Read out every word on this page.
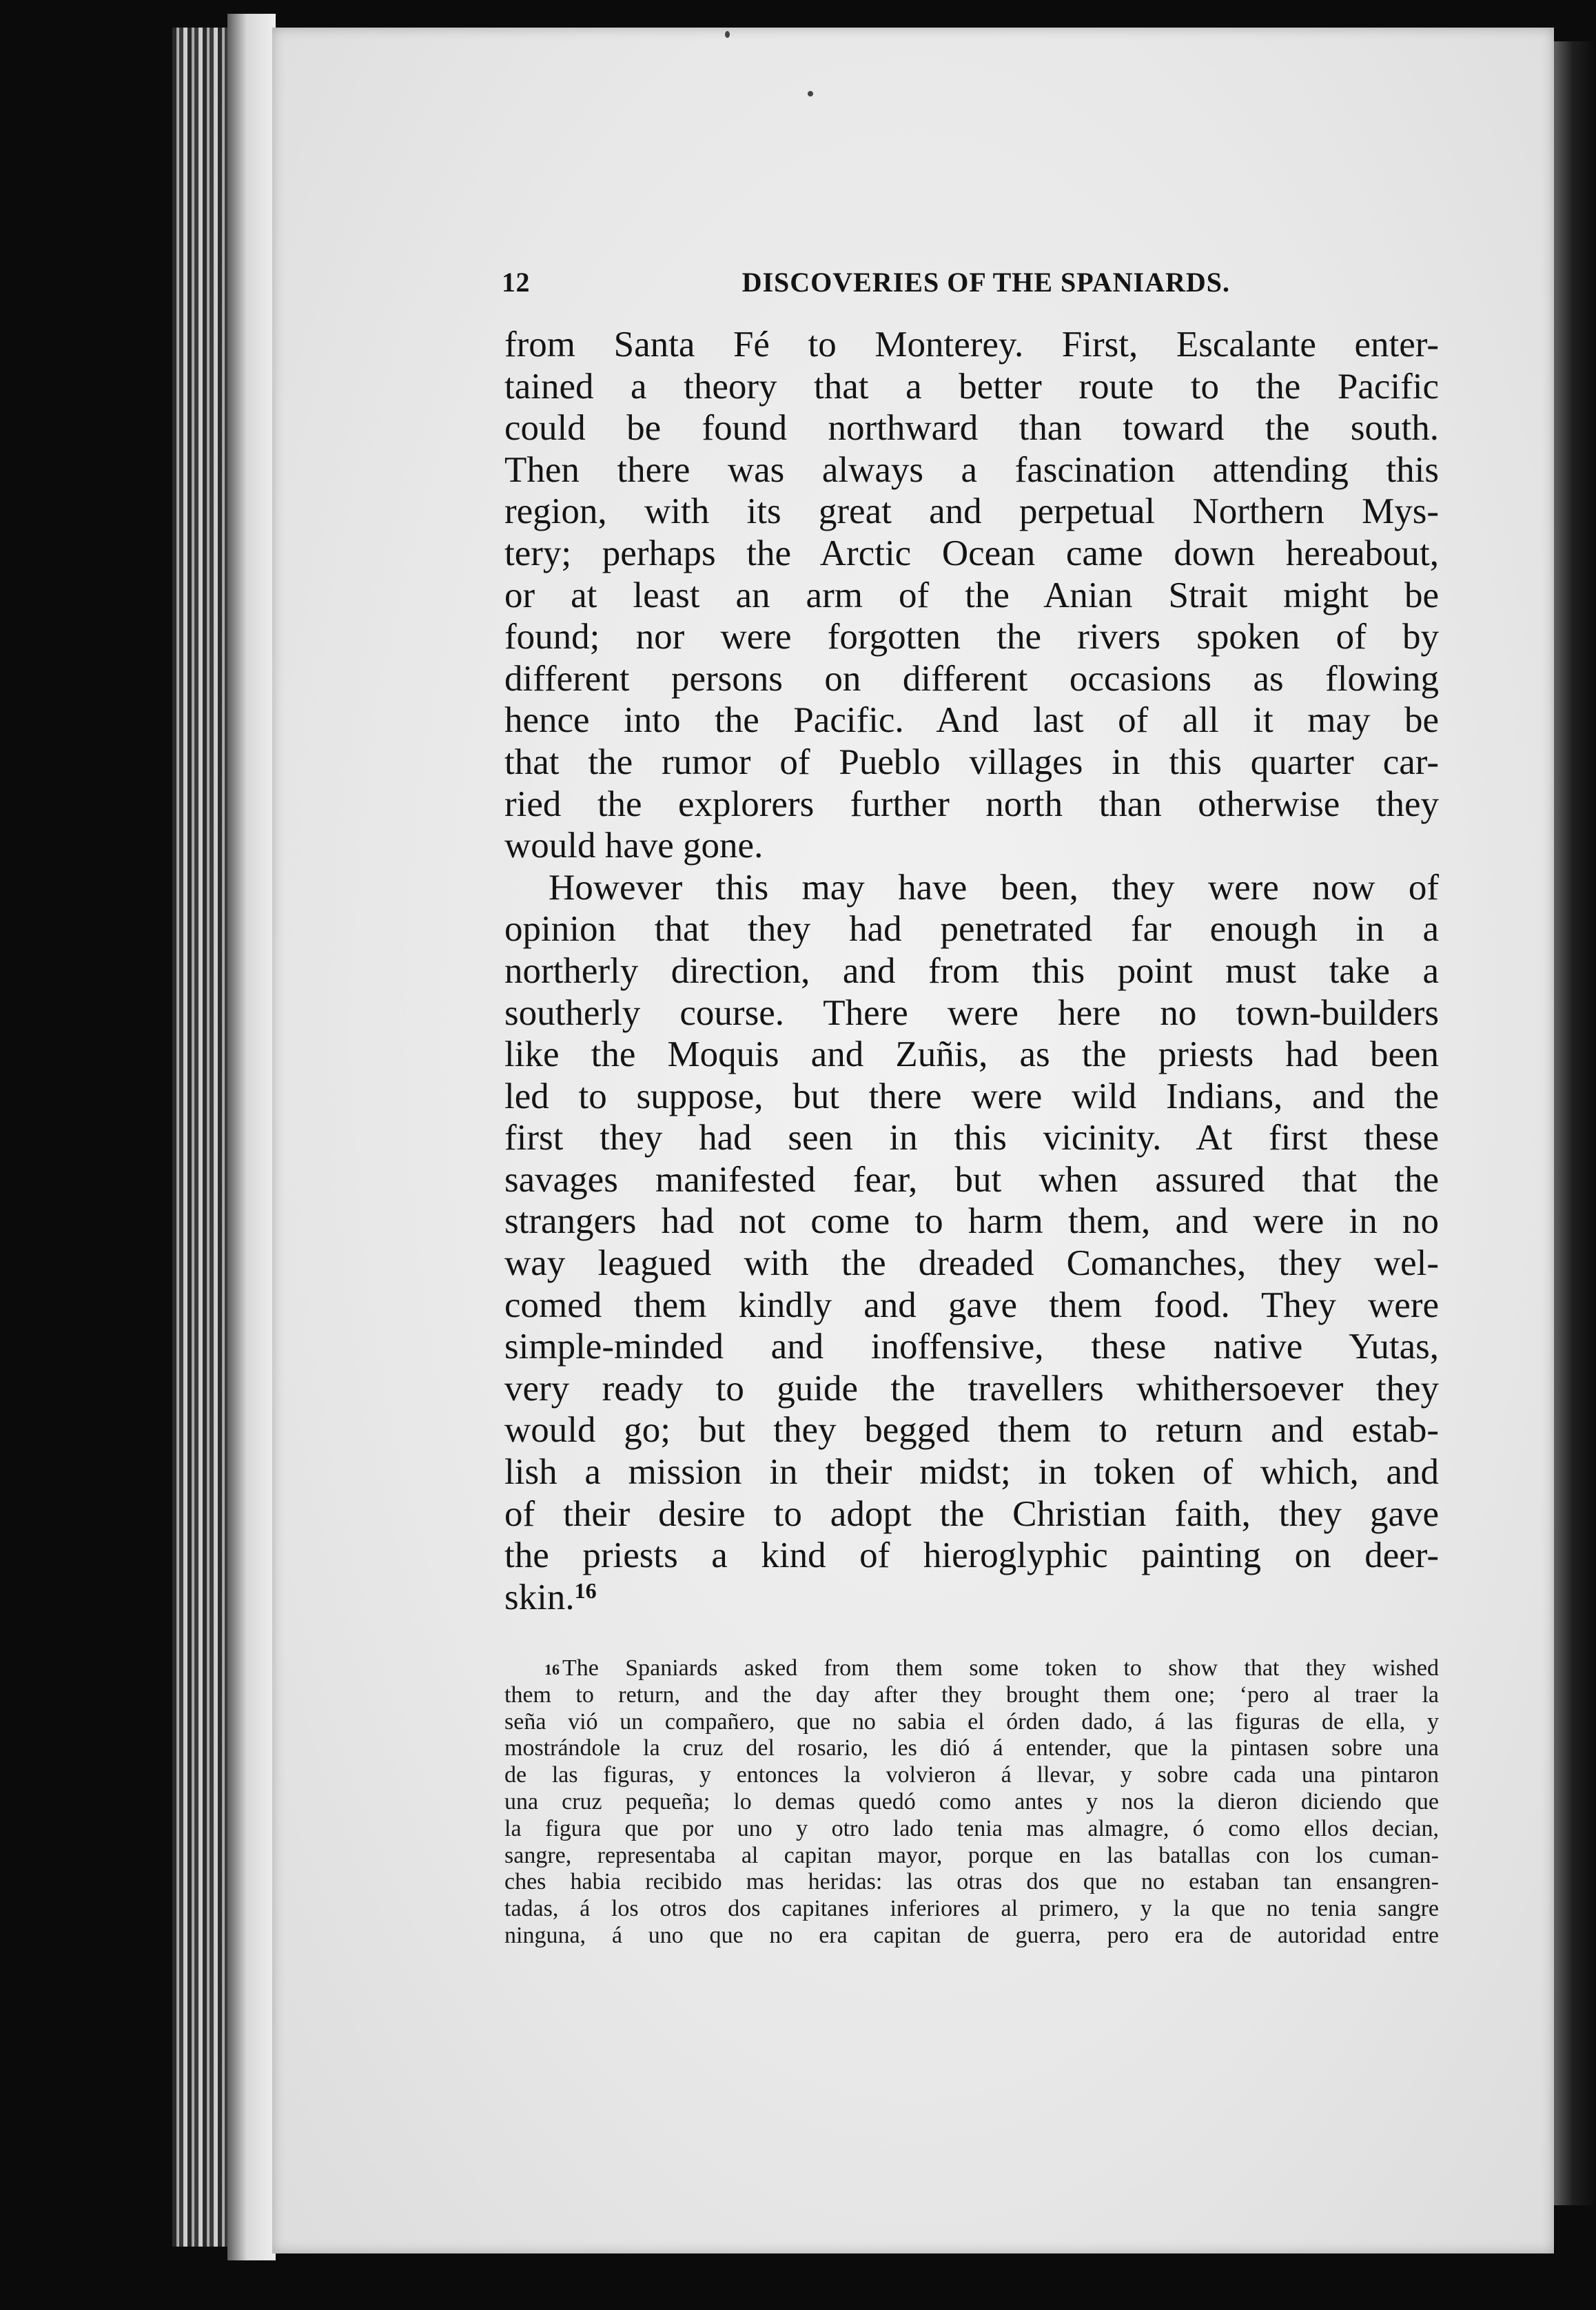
12	DISCOVERIES OF THE SPANIARDS.
from Santa Fé to Monterey. First, Escalante enter-
tained a theory that a better route to the Pacific
could be found northward than toward the south.
Then there was always a fascination attending this
region, with its great and perpetual Northern Mys-
tery; perhaps the Arctic Ocean came down hereabout,
or at least an arm of the Anian Strait might be
found; nor were forgotten the rivers spoken of by
different persons on different occasions as flowing
hence into the Pacific. And last of all it may be
that the rumor of Pueblo villages in this quarter car-
ried the explorers further north than otherwise they
would have gone.
However this may have been, they were now of
opinion that they had penetrated far enough in a
northerly direction, and from this point must take a
southerly course. There were here no town-builders
like the Moquis and Zuñis, as the priests had been
led to suppose, but there were wild Indians, and the
first they had seen in this vicinity. At first these
savages manifested fear, but when assured that the
strangers had not come to harm them, and were in no
way leagued with the dreaded Comanches, they wel-
comed them kindly and gave them food. They were
simple-minded and inoffensive, these native Yutas,
very ready to guide the travellers whithersoever they
would go; but they begged them to return and estab-
lish a mission in their midst; in token of which, and
of their desire to adopt the Christian faith, they gave
the priests a kind of hieroglyphic painting on deer-
skin.$^{16}$
$^{16}$ The Spaniards asked from them some token to show that they wished
them to return, and the day after they brought them one; ‘pero al traer la
seña vió un compañero, que no sabia el órden dado, á las figuras de ella, y
mostrándole la cruz del rosario, les dió á entender, que la pintasen sobre una
de las figuras, y entonces la volvieron á llevar, y sobre cada una pintaron
una cruz pequeña; lo demas quedó como antes y nos la dieron diciendo que
la figura que por uno y otro lado tenia mas almagre, ó como ellos decian,
sangre, representaba al capitan mayor, porque en las batallas con los cuman-
ches habia recibido mas heridas: las otras dos que no estaban tan ensangren-
tadas, á los otros dos capitanes inferiores al primero, y la que no tenia sangre
ninguna, á uno que no era capitan de guerra, pero era de autoridad entre
